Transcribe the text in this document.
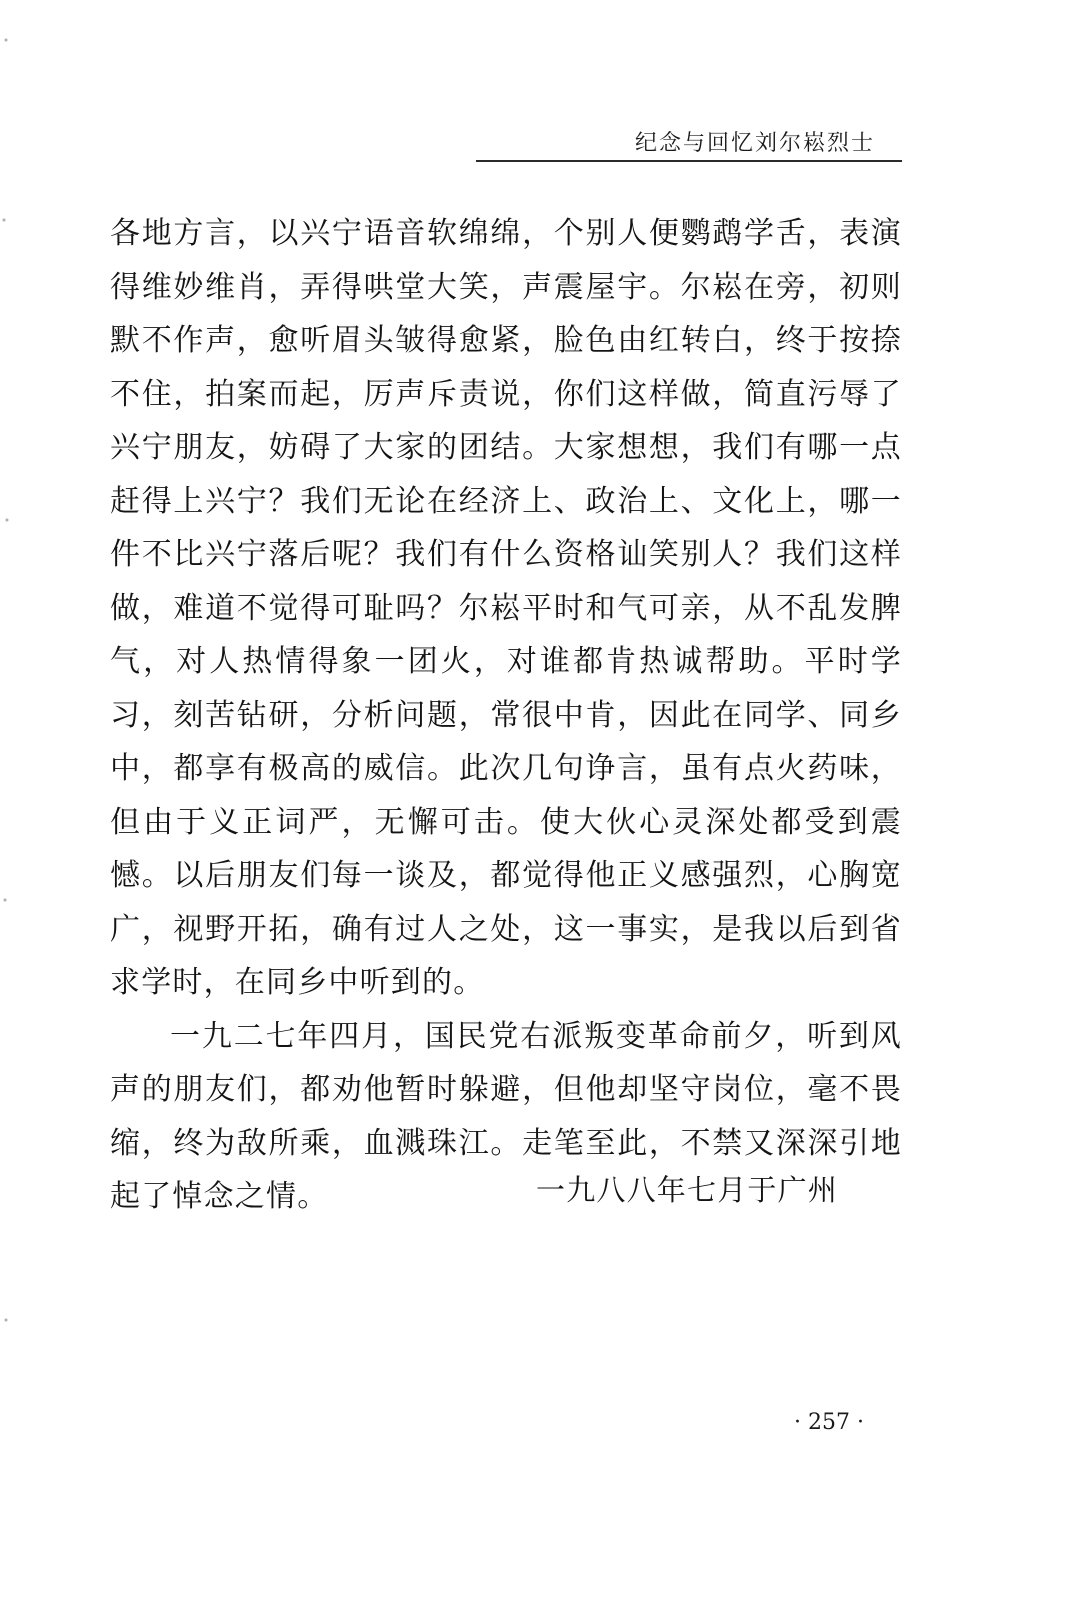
纪念与回忆刘尔崧烈士

各地方言，以兴宁语音软绵绵，个别人便鹦鹉学舌，表演得维妙维肖，弄得哄堂大笑，声震屋宇。尔崧在旁，初则默不作声，愈听眉头皱得愈紧，脸色由红转白，终于按捺不住，拍案而起，厉声斥责说，你们这样做，简直污辱了兴宁朋友，妨碍了大家的团结。大家想想，我们有哪一点赶得上兴宁？我们无论在经济上、政治上、文化上，哪一件不比兴宁落后呢？我们有什么资格讪笑别人？我们这样做，难道不觉得可耻吗？尔崧平时和气可亲，从不乱发脾气，对人热情得象一团火，对谁都肯热诚帮助。平时学习，刻苦钻研，分析问题，常很中肯，因此在同学、同乡中，都享有极高的威信。此次几句诤言，虽有点火药味，但由于义正词严，无懈可击。使大伙心灵深处都受到震憾。以后朋友们每一谈及，都觉得他正义感强烈，心胸宽广，视野开拓，确有过人之处，这一事实，是我以后到省求学时，在同乡中听到的。

一九二七年四月，国民党右派叛变革命前夕，听到风声的朋友们，都劝他暂时躲避，但他却坚守岗位，毫不畏缩，终为敌所乘，血溅珠江。走笔至此，不禁又深深引地起了悼念之情。	一九八八年七月于广州
· 257 ·
